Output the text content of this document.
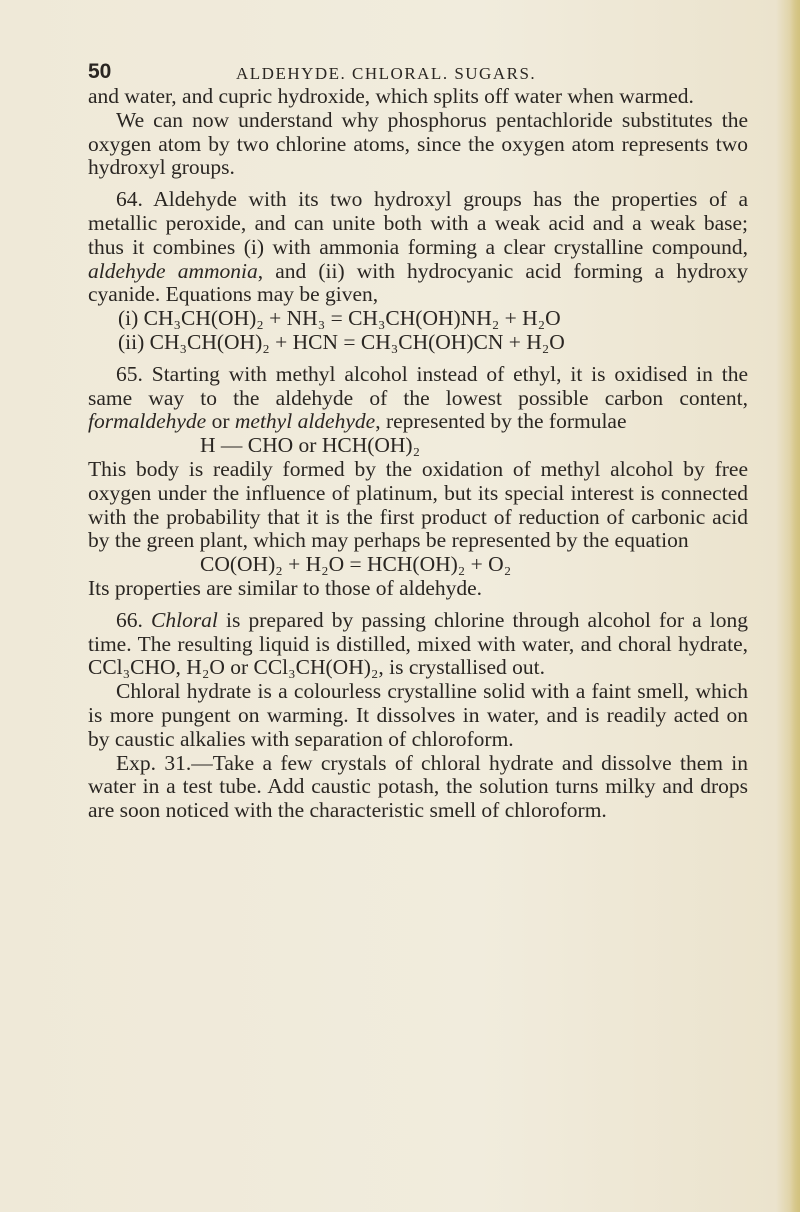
50	ALDEHYDE. CHLORAL. SUGARS.

and water, and cupric hydroxide, which splits off water when warmed.

We can now understand why phosphorus pentachloride substitutes the oxygen atom by two chlorine atoms, since the oxygen atom represents two hydroxyl groups.

64. Aldehyde with its two hydroxyl groups has the properties of a metallic peroxide, and can unite both with a weak acid and a weak base; thus it combines (i) with ammonia forming a clear crystalline compound, aldehyde ammonia, and (ii) with hydrocyanic acid forming a hydroxy cyanide. Equations may be given,

(i) CH₃CH(OH)₂ + NH₃ = CH₃CH(OH)NH₂ + H₂O

(ii) CH₃CH(OH)₂ + HCN = CH₃CH(OH)CN + H₂O

65. Starting with methyl alcohol instead of ethyl, it is oxidised in the same way to the aldehyde of the lowest possible carbon content, formaldehyde or methyl aldehyde, represented by the formulae

H — CHO or HCH(OH)₂

This body is readily formed by the oxidation of methyl alcohol by free oxygen under the influence of platinum, but its special interest is connected with the probability that it is the first product of reduction of carbonic acid by the green plant, which may perhaps be represented by the equation

CO(OH)₂ + H₂O = HCH(OH)₂ + O₂

Its properties are similar to those of aldehyde.

66. Chloral is prepared by passing chlorine through alcohol for a long time. The resulting liquid is distilled, mixed with water, and choral hydrate, CCl₃CHO, H₂O or CCl₃CH(OH)₂, is crystallised out.

Chloral hydrate is a colourless crystalline solid with a faint smell, which is more pungent on warming. It dissolves in water, and is readily acted on by caustic alkalies with separation of chloroform.

Exp. 31.—Take a few crystals of chloral hydrate and dissolve them in water in a test tube. Add caustic potash, the solution turns milky and drops are soon noticed with the characteristic smell of chloroform.
